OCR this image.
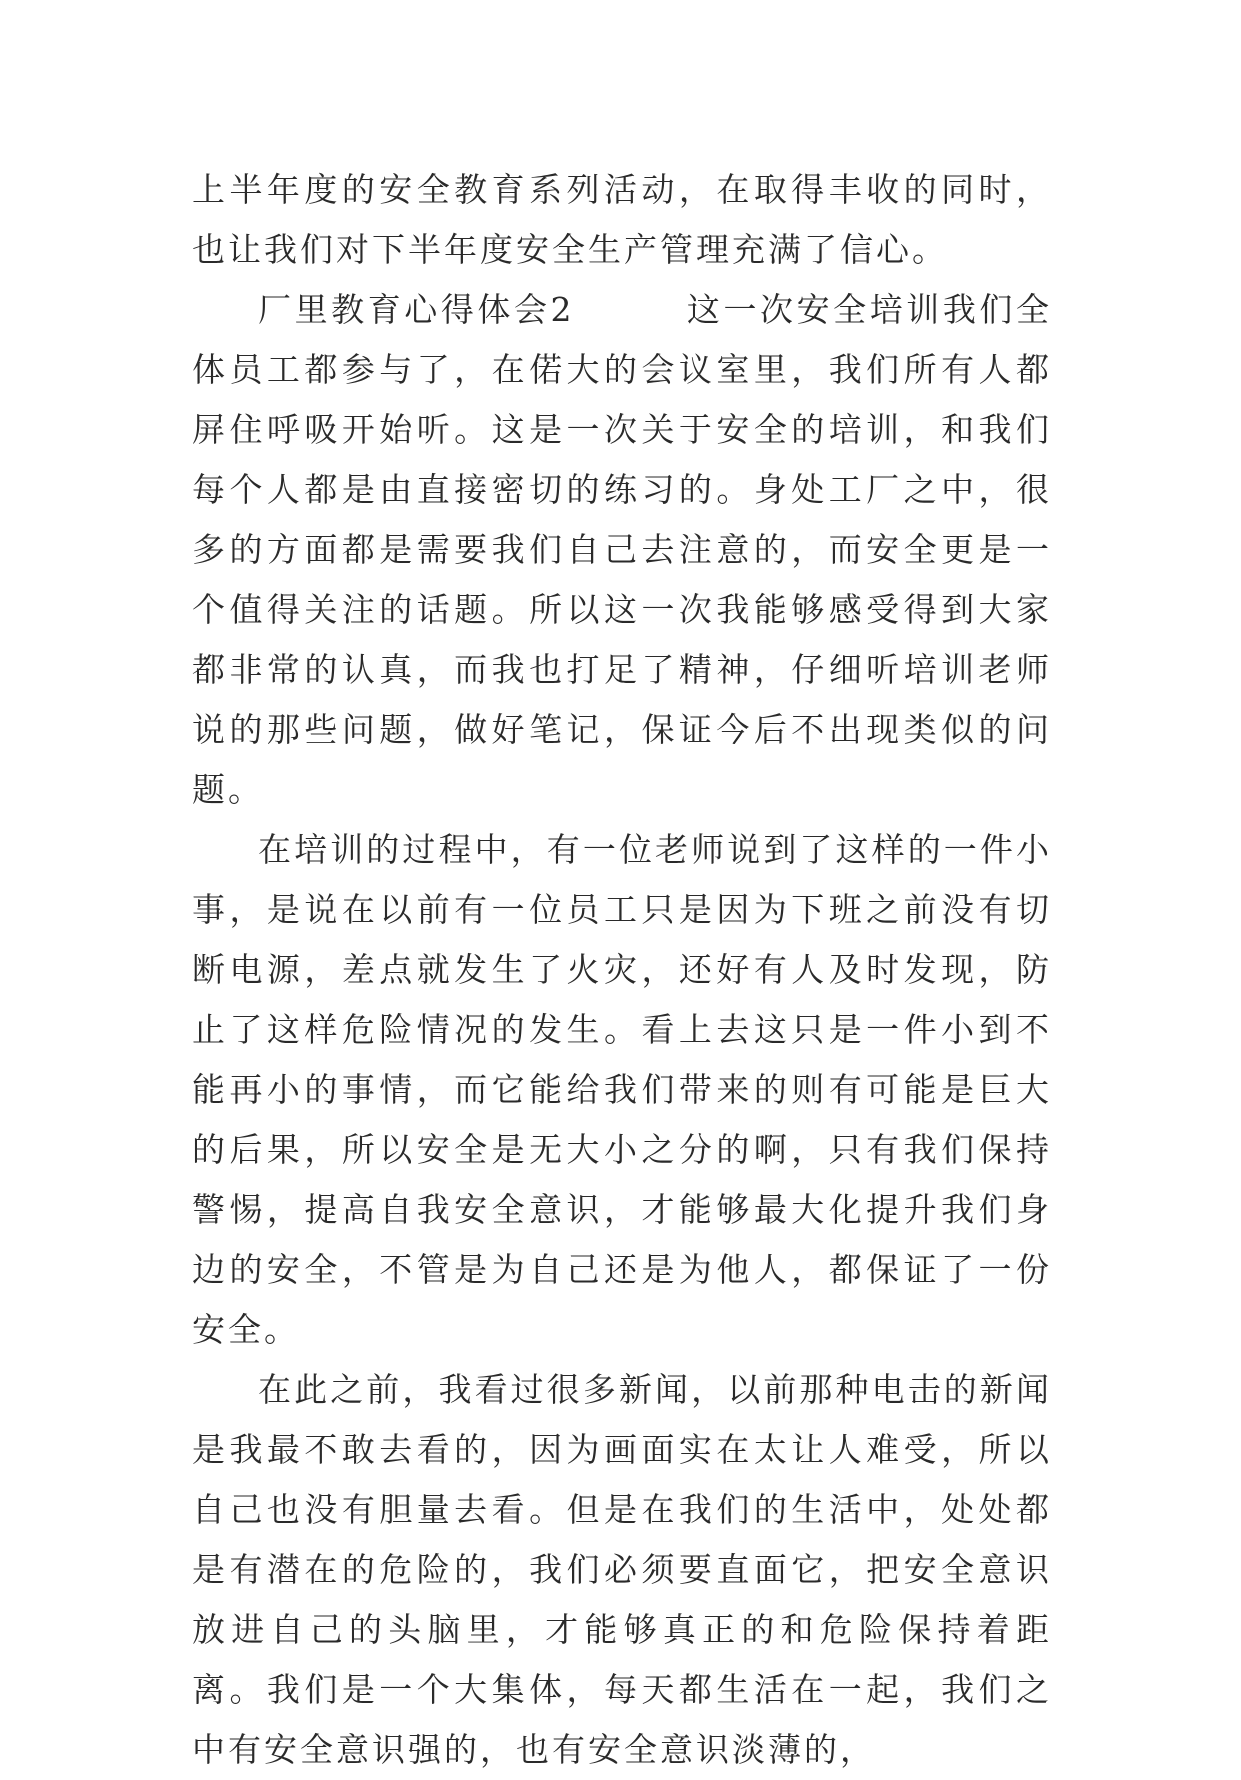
上半年度的安全教育系列活动，在取得丰收的同时，也让我们对下半年度安全生产管理充满了信心。

厂里教育心得体会2        这一次安全培训我们全体员工都参与了，在偌大的会议室里，我们所有人都屏住呼吸开始听。这是一次关于安全的培训，和我们每个人都是由直接密切的练习的。身处工厂之中，很多的方面都是需要我们自己去注意的，而安全更是一个值得关注的话题。所以这一次我能够感受得到大家都非常的认真，而我也打足了精神，仔细听培训老师说的那些问题，做好笔记，保证今后不出现类似的问题。

在培训的过程中，有一位老师说到了这样的一件小事，是说在以前有一位员工只是因为下班之前没有切断电源，差点就发生了火灾，还好有人及时发现，防止了这样危险情况的发生。看上去这只是一件小到不能再小的事情，而它能给我们带来的则有可能是巨大的后果，所以安全是无大小之分的啊，只有我们保持警惕，提高自我安全意识，才能够最大化提升我们身边的安全，不管是为自己还是为他人，都保证了一份安全。

在此之前，我看过很多新闻，以前那种电击的新闻是我最不敢去看的，因为画面实在太让人难受，所以自己也没有胆量去看。但是在我们的生活中，处处都是有潜在的危险的，我们必须要直面它，把安全意识放进自己的头脑里，才能够真正的和危险保持着距离。我们是一个大集体，每天都生活在一起，我们之中有安全意识强的，也有安全意识淡薄的，
